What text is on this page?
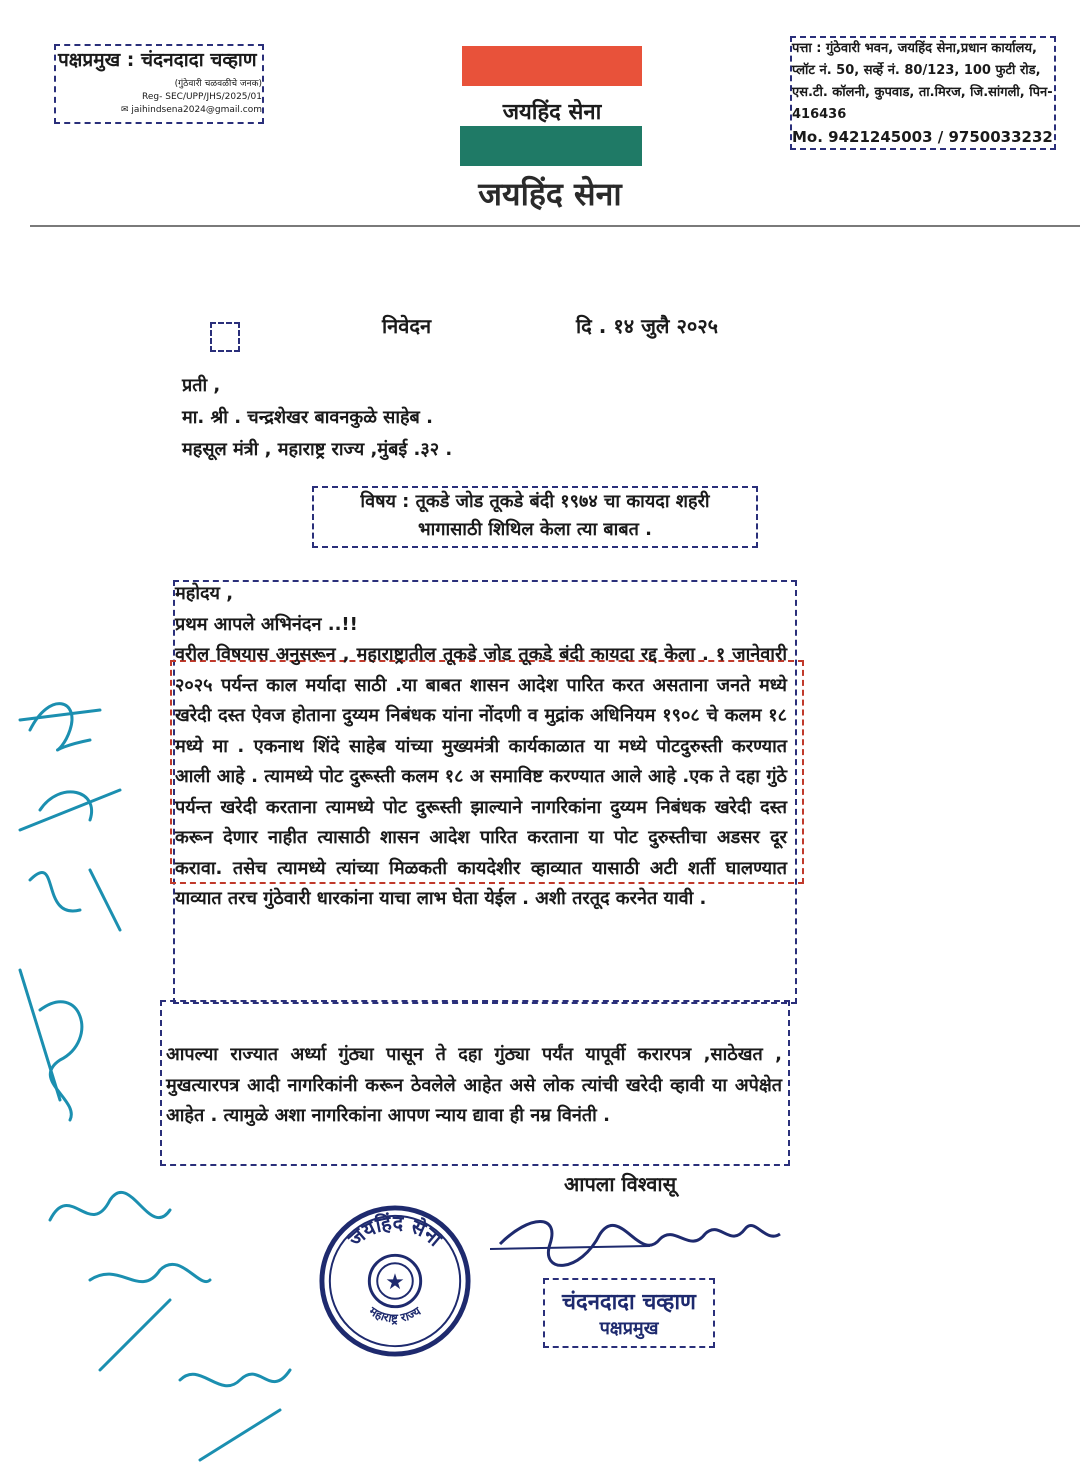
पक्षप्रमुख : चंदनदादा चव्हाण
(गुंठेवारी चळवळीचे जनक)
Reg- SEC/UPP/JHS/2025/01
✉ jaihindsena2024@gmail.com	जयहिंद सेना
जयहिंद सेना
पत्ता : गुंठेवारी भवन, जयहिंद सेना,प्रधान कार्यालय, प्लॉट नं. 50, सर्व्हे नं. 80/123, 100 फुटी रोड, एस.टी. कॉलनी, कुपवाड, ता.मिरज, जि.सांगली, पिन- 416436
Mo. 9421245003 / 9750033232
निवेदन	दि . १४ जुलै २०२५
प्रती ,
मा. श्री . चन्द्रशेखर बावनकुळे साहेब .
महसूल मंत्री , महाराष्ट्र राज्य ,मुंबई .३२ .
विषय : तूकडे जोड तूकडे बंदी १९७४ चा कायदा शहरी
भागासाठी शिथिल केला त्या बाबत .

महोदय ,

प्रथम आपले अभिनंदन ..!!

वरील विषयास अनुसरून , महाराष्ट्रातील तूकडे जोड तूकडे बंदी कायदा रद्द केला . १ जानेवारी २०२५ पर्यन्त काल मर्यादा साठी .या बाबत शासन आदेश पारित करत असताना जनते मध्ये खरेदी दस्त ऐवज होताना दुय्यम निबंधक यांना नोंदणी व मुद्रांक अधिनियम १९०८ चे कलम १८ मध्ये मा . एकनाथ शिंदे साहेब यांच्या मुख्यमंत्री कार्यकाळात या मध्ये पोटदुरुस्ती करण्यात आली आहे . त्यामध्ये पोट दुरूस्ती कलम १८ अ समाविष्ट करण्यात आले आहे .एक ते दहा गुंठे पर्यन्त खरेदी करताना त्यामध्ये पोट दुरूस्ती झाल्याने नागरिकांना दुय्यम निबंधक खरेदी दस्त करून देणार नाहीत त्यासाठी शासन आदेश पारित करताना या पोट दुरुस्तीचा अडसर दूर करावा. तसेच त्यामध्ये त्यांच्या मिळकती कायदेशीर व्हाव्यात यासाठी अटी शर्ती घालण्यात याव्यात तरच गुंठेवारी धारकांना याचा लाभ घेता येईल . अशी तरतूद करनेत यावी .

आपल्या राज्यात अर्ध्या गुंठ्या पासून ते दहा गुंठ्या पर्यंत यापूर्वी करारपत्र ,साठेखत , मुखत्यारपत्र आदी नागरिकांनी करून ठेवलेले आहेत असे लोक त्यांची खरेदी व्हावी या अपेक्षेत आहेत . त्यामुळे अशा नागरिकांना आपण न्याय द्यावा ही नम्र विनंती .

आपला विश्वासू
★
जयहिंद सेना
महाराष्ट्र राज्य	चंदनदादा चव्हाण
पक्षप्रमुख
